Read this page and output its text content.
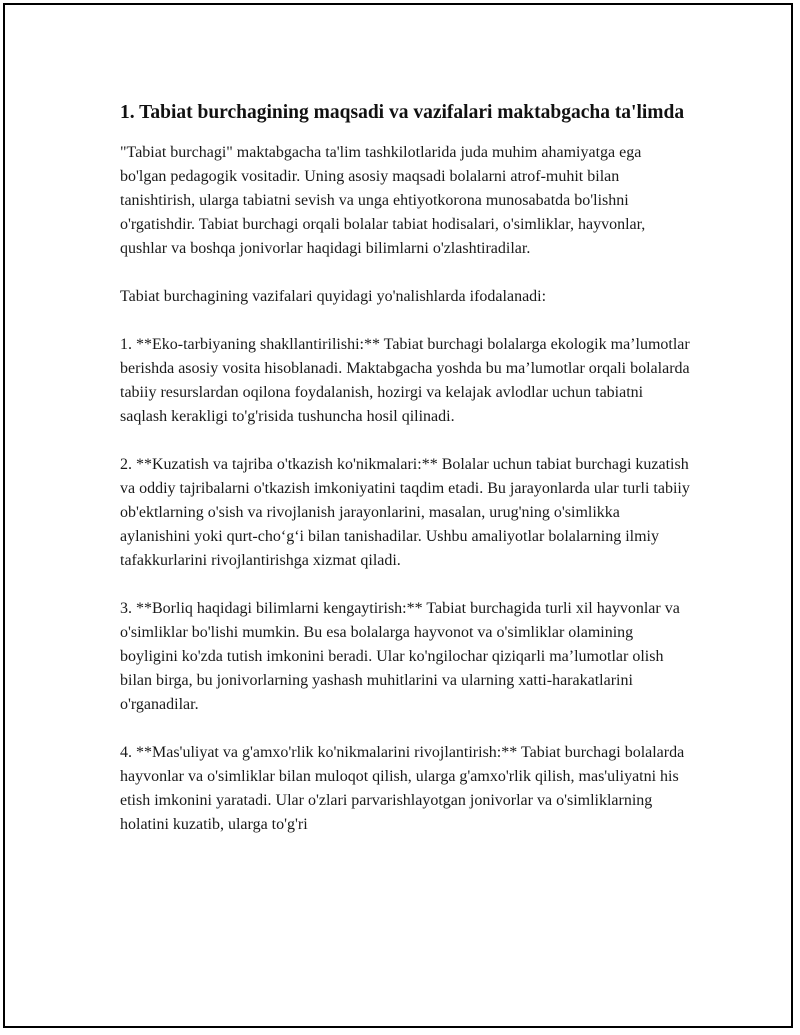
1. Tabiat burchagining maqsadi va vazifalari maktabgacha ta'limda

"Tabiat burchagi" maktabgacha ta'lim tashkilotlarida juda muhim ahamiyatga ega bo'lgan pedagogik vositadir. Uning asosiy maqsadi bolalarni atrof-muhit bilan tanishtirish, ularga tabiatni sevish va unga ehtiyotkorona munosabatda bo'lishni o'rgatishdir. Tabiat burchagi orqali bolalar tabiat hodisalari, o'simliklar, hayvonlar, qushlar va boshqa jonivorlar haqidagi bilimlarni o'zlashtiradilar.

Tabiat burchagining vazifalari quyidagi yo'nalishlarda ifodalanadi:

1. **Eko-tarbiyaning shakllantirilishi:** Tabiat burchagi bolalarga ekologik ma’lumotlar berishda asosiy vosita hisoblanadi. Maktabgacha yoshda bu ma’lumotlar orqali bolalarda tabiiy resurslardan oqilona foydalanish, hozirgi va kelajak avlodlar uchun tabiatni saqlash kerakligi to'g'risida tushuncha hosil qilinadi.

2. **Kuzatish va tajriba o'tkazish ko'nikmalari:** Bolalar uchun tabiat burchagi kuzatish va oddiy tajribalarni o'tkazish imkoniyatini taqdim etadi. Bu jarayonlarda ular turli tabiiy ob'ektlarning o'sish va rivojlanish jarayonlarini, masalan, urug'ning o'simlikka aylanishini yoki qurt-cho‘g‘i bilan tanishadilar. Ushbu amaliyotlar bolalarning ilmiy tafakkurlarini rivojlantirishga xizmat qiladi.

3. **Borliq haqidagi bilimlarni kengaytirish:** Tabiat burchagida turli xil hayvonlar va o'simliklar bo'lishi mumkin. Bu esa bolalarga hayvonot va o'simliklar olamining boyligini ko'zda tutish imkonini beradi. Ular ko'ngilochar qiziqarli ma’lumotlar olish bilan birga, bu jonivorlarning yashash muhitlarini va ularning xatti-harakatlarini o'rganadilar.

4. **Mas'uliyat va g'amxo'rlik ko'nikmalarini rivojlantirish:** Tabiat burchagi bolalarda hayvonlar va o'simliklar bilan muloqot qilish, ularga g'amxo'rlik qilish, mas'uliyatni his etish imkonini yaratadi. Ular o'zlari parvarishlayotgan jonivorlar va o'simliklarning holatini kuzatib, ularga to'g'ri
